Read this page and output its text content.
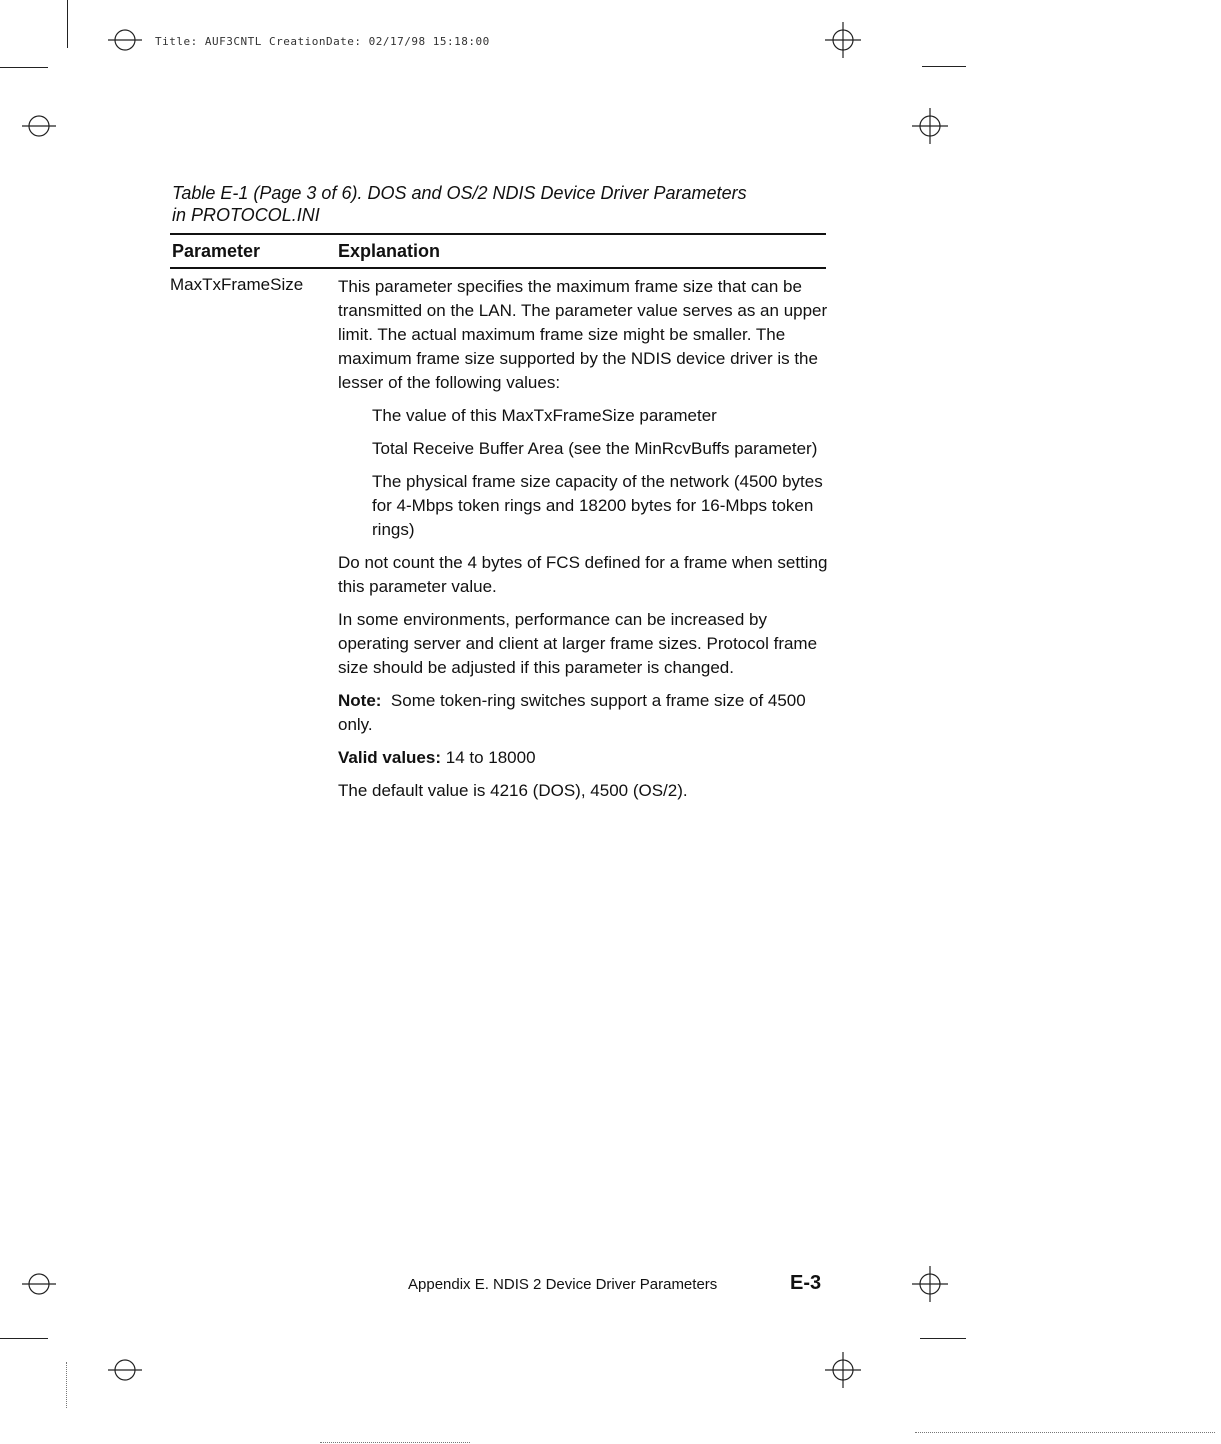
Title: AUF3CNTL CreationDate: 02/17/98 15:18:00
Table E-1 (Page 3 of 6). DOS and OS/2 NDIS Device Driver Parameters
in PROTOCOL.INI
Parameter	Explanation
MaxTxFrameSize This parameter specifies the maximum frame size that can be transmitted on the LAN. The parameter value serves as an upper limit. The actual maximum frame size might be smaller. The maximum frame size supported by the NDIS device driver is the lesser of the following values:

The value of this MaxTxFrameSize parameter

Total Receive Buffer Area (see the MinRcvBuffs parameter)

The physical frame size capacity of the network (4500 bytes for 4-Mbps token rings and 18200 bytes for 16-Mbps token rings)

Do not count the 4 bytes of FCS defined for a frame when setting this parameter value.

In some environments, performance can be increased by operating server and client at larger frame sizes. Protocol frame size should be adjusted if this parameter is changed.

Note: Some token-ring switches support a frame size of 4500 only.

Valid values: 14 to 18000

The default value is 4216 (DOS), 4500 (OS/2).

Appendix E. NDIS 2 Device Driver Parameters	E-3
